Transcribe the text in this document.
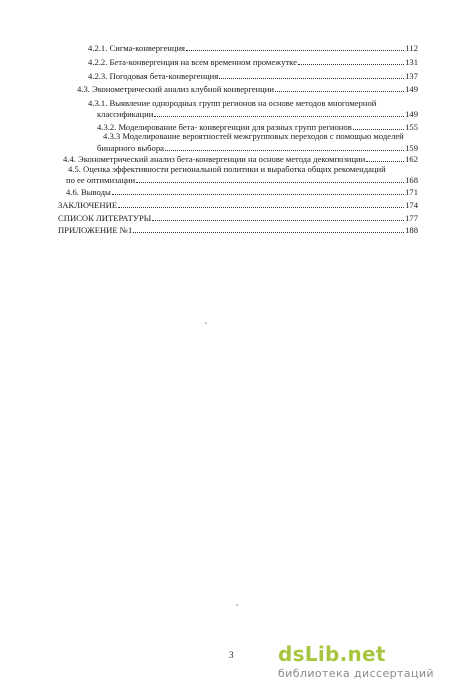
4.2.1. Сигма-конвергенция	112
4.2.2. Бета-конвергенция на всем временном промежутке	131
4.2.3. Погодовая бета-конвергенция	137
4.3. Эконометрический анализ клубной конвергенции	149
4.3.1. Выявление однородных групп регионов на основе методов многомерной
классификации	149
4.3.2. Моделирование бета- конвергенции для разных групп регионов	155
4.3.3 Моделирование вероятностей межгрупповых переходов с помощью моделей
бинарного выбора	159
4.4. Эконометрический анализ бета-конвергенции на основе метода декомпозиции	162
4.5. Оценка эффективности региональной политики и выработка общих рекомендаций
по ее оптимизации	168
4.6. Выводы	171
ЗАКЛЮЧЕНИЕ	174
СПИСОК ЛИТЕРАТУРЫ	177
ПРИЛОЖЕНИЕ №1	188
3 dsLib.net
библиотека диссертаций
